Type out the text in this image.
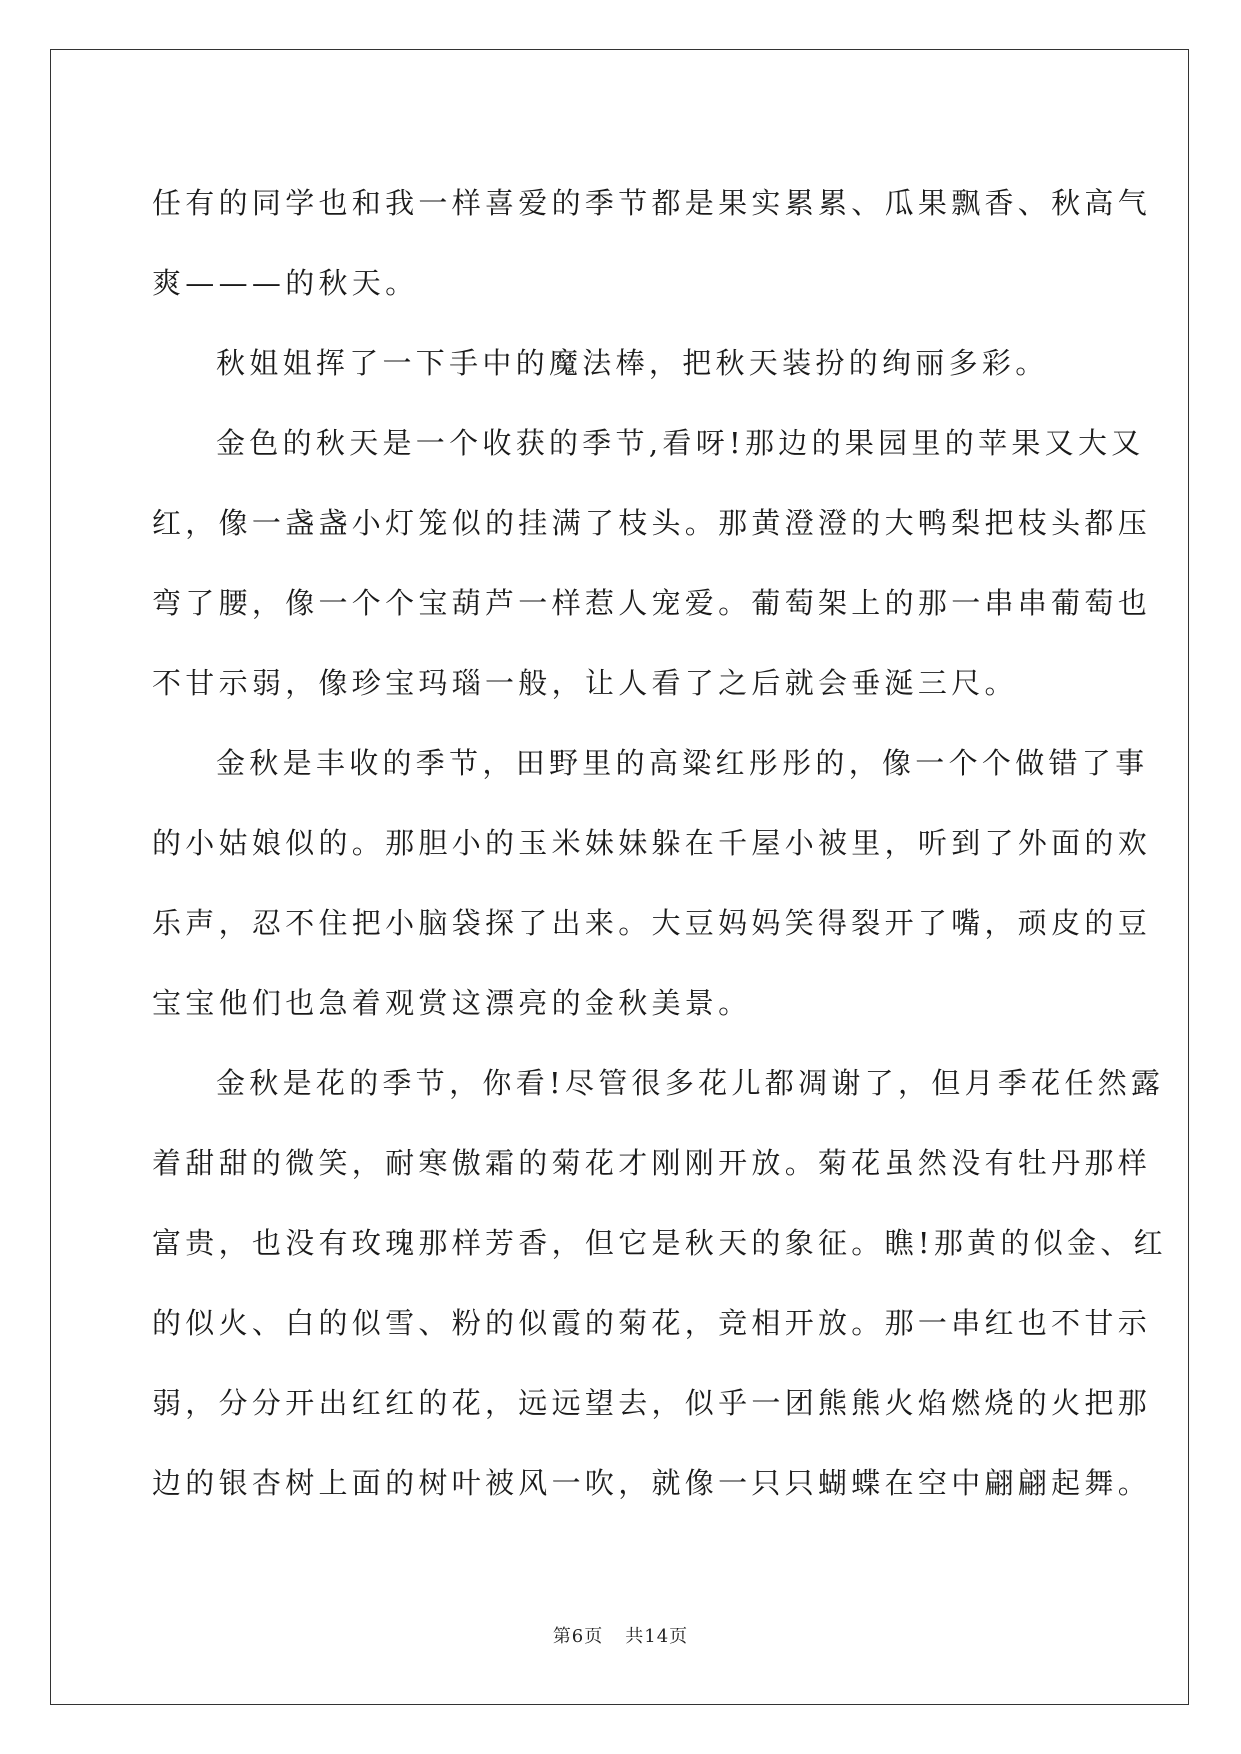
任有的同学也和我一样喜爱的季节都是果实累累、瓜果飘香、秋高气
爽———的秋天。
秋姐姐挥了一下手中的魔法棒，把秋天装扮的绚丽多彩。
金色的秋天是一个收获的季节,看呀!那边的果园里的苹果又大又
红，像一盏盏小灯笼似的挂满了枝头。那黄澄澄的大鸭梨把枝头都压
弯了腰，像一个个宝葫芦一样惹人宠爱。葡萄架上的那一串串葡萄也
不甘示弱，像珍宝玛瑙一般，让人看了之后就会垂涎三尺。
金秋是丰收的季节，田野里的高粱红彤彤的，像一个个做错了事
的小姑娘似的。那胆小的玉米妹妹躲在千屋小被里，听到了外面的欢
乐声，忍不住把小脑袋探了出来。大豆妈妈笑得裂开了嘴，顽皮的豆
宝宝他们也急着观赏这漂亮的金秋美景。
金秋是花的季节，你看!尽管很多花儿都凋谢了，但月季花任然露
着甜甜的微笑，耐寒傲霜的菊花才刚刚开放。菊花虽然没有牡丹那样
富贵，也没有玫瑰那样芳香，但它是秋天的象征。瞧!那黄的似金、红
的似火、白的似雪、粉的似霞的菊花，竞相开放。那一串红也不甘示
弱，分分开出红红的花，远远望去，似乎一团熊熊火焰燃烧的火把那
边的银杏树上面的树叶被风一吹，就像一只只蝴蝶在空中翩翩起舞。
第6页 共14页
